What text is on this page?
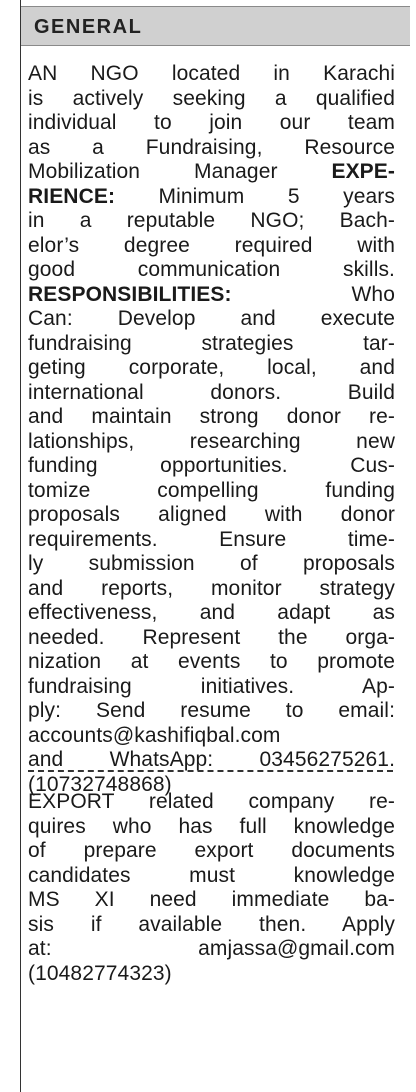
GENERAL
AN NGO located in Karachi
is actively seeking a qualified
individual to join our team
as a Fundraising, Resource
Mobilization Manager EXPE-
RIENCE: Minimum 5 years
in a reputable NGO; Bach-
elor’s degree required with
good communication skills.
RESPONSIBILITIES: Who
Can: Develop and execute
fundraising strategies tar-
geting corporate, local, and
international donors. Build
and maintain strong donor re-
lationships, researching new
funding opportunities. Cus-
tomize compelling funding
proposals aligned with donor
requirements. Ensure time-
ly submission of proposals
and reports, monitor strategy
effectiveness, and adapt as
needed. Represent the orga-
nization at events to promote
fundraising initiatives. Ap-
ply: Send resume to email:
accounts@kashifiqbal.com
and WhatsApp: 03456275261.
(10732748868)
EXPORT related company re-
quires who has full knowledge
of prepare export documents
candidates must knowledge
MS XI need immediate ba-
sis if available then. Apply
at: amjassa@gmail.com
(10482774323)
